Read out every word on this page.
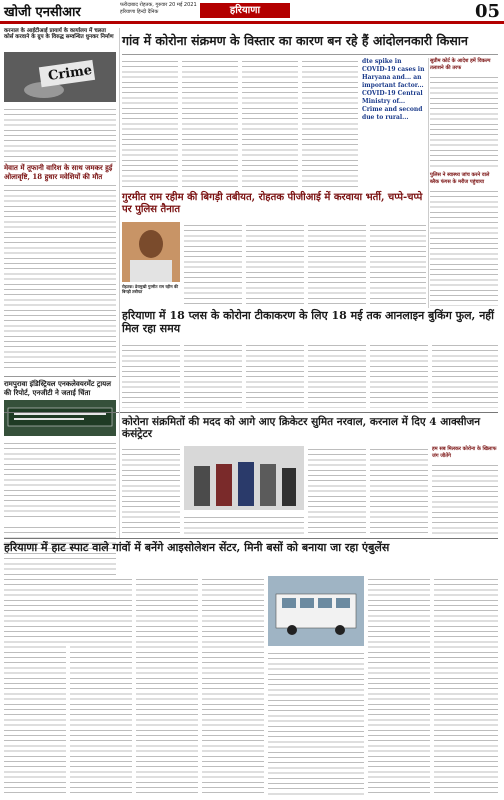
खोजी एनसीआर	फरीदाबाद रोहतक, गुरुवार 20 मई 2021
हरियाणा हिन्दी दैनिक	हरियाणा	05
करनाल के आईटीआई प्रायार्य के कार्यालय में चलता कोर्स करवाने के ग्रुप के विरुद्ध सम्वन्धित धुनकर निर्माण
Crime
मेवात में तूफानी वारिश के साथ जमकर हुई ओलावृष्टि, 18 हुधार मवेशियों की मौत
गांव में कोरोना संक्रमण के विस्तार का कारण बन रहे हैं आंदोलनकारी किसान
dte spike in COVID-19 cases in Haryana and... an important factor... COVID-19 Central Ministry of... Crime and second due to rural...
सुप्रीम कोर्ट के आदेश हमें विकल्प तलाशने की तरफ
पुलिस ने स्वास्थ्य जांच करने वाले ब्लैक फंगस के मरीज पहुंचाया
गुरमीत राम रहीम की बिगड़ी तबीयत, रोहतक पीजीआई में करवाया भर्ती, चप्पे-चप्पे पर पुलिस तैनात
रोहतक। डेरामुखी गुरमीत राम रहीम की बिगड़ी तबीयत
हरियाणा में 18 प्लस के कोरोना टीकाकरण के लिए 18 मई तक आनलाइन बुकिंग फुल, नहीं मिल रहा समय
रामपुरावा इंडिस्ट्रियल एनकलेवयरमेंट ट्रायल की रिपोर्ट, एनजीटी ने जताई चिंता
कोरोना संक्रमितों की मदद को आगे आए क्रिकेटर सुमित नरवाल, करनाल में दिए 4 आक्सीजन कंसंट्रेटर
हम सब मिलकर कोरोना के खिलाफ जंग जीतेंगे
हरियाणा में हाट स्पाट वाले गांवों में बनेंगे आइसोलेशन सेंटर, मिनी बसों को बनाया जा रहा एंबुलेंस
